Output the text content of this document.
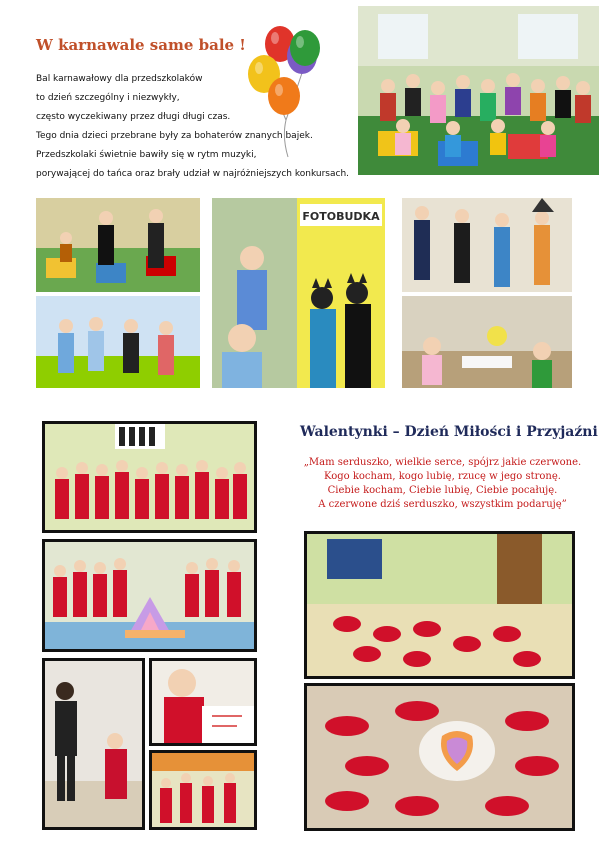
W karnawale same bale !

Bal karnawałowy dla przedszkolaków

to dzień szczególny i niezwykły,

często wyczekiwany przez długi długi czas.

Tego dnia dzieci przebrane były za bohaterów znanych bajek.

Przedszkolaki świetnie bawiły się w rytm muzyki,

porywającej do tańca oraz brały udział w najróżniejszych konkursach.

FOTOBUDKA
Walentynki – Dzień Miłości i Przyjaźni

„Mam serduszko, wielkie serce, spójrz jakie czerwone.

Kogo kocham, kogo lubię, rzucę w jego stronę.

Ciebie kocham, Ciebie lubię, Ciebie pocałuję.

A czerwone dziś serduszko, wszystkim podaruję”
